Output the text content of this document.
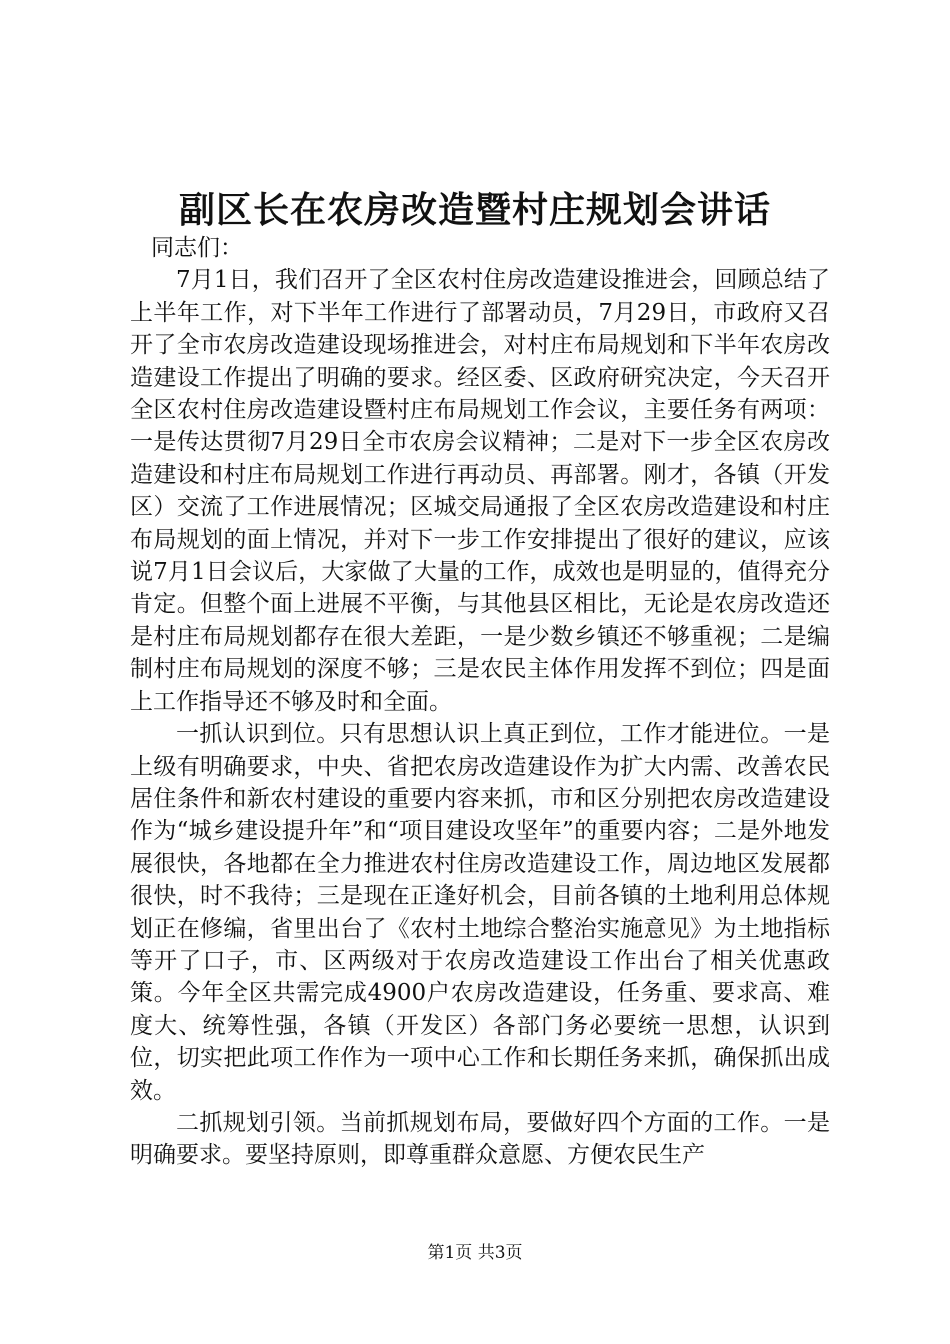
副区长在农房改造暨村庄规划会讲话

同志们：

7月1日，我们召开了全区农村住房改造建设推进会，回顾总结了上半年工作，对下半年工作进行了部署动员，7月29日，市政府又召开了全市农房改造建设现场推进会，对村庄布局规划和下半年农房改造建设工作提出了明确的要求。经区委、区政府研究决定，今天召开全区农村住房改造建设暨村庄布局规划工作会议，主要任务有两项：一是传达贯彻7月29日全市农房会议精神；二是对下一步全区农房改造建设和村庄布局规划工作进行再动员、再部署。刚才，各镇（开发区）交流了工作进展情况；区城交局通报了全区农房改造建设和村庄布局规划的面上情况，并对下一步工作安排提出了很好的建议，应该说7月1日会议后，大家做了大量的工作，成效也是明显的，值得充分肯定。但整个面上进展不平衡，与其他县区相比，无论是农房改造还是村庄布局规划都存在很大差距，一是少数乡镇还不够重视；二是编制村庄布局规划的深度不够；三是农民主体作用发挥不到位；四是面上工作指导还不够及时和全面。

一抓认识到位。只有思想认识上真正到位，工作才能进位。一是上级有明确要求，中央、省把农房改造建设作为扩大内需、改善农民居住条件和新农村建设的重要内容来抓，市和区分别把农房改造建设作为“城乡建设提升年”和“项目建设攻坚年”的重要内容；二是外地发展很快，各地都在全力推进农村住房改造建设工作，周边地区发展都很快，时不我待；三是现在正逢好机会，目前各镇的土地利用总体规划正在修编，省里出台了《农村土地综合整治实施意见》为土地指标等开了口子，市、区两级对于农房改造建设工作出台了相关优惠政策。今年全区共需完成4900户农房改造建设，任务重、要求高、难度大、统筹性强，各镇（开发区）各部门务必要统一思想，认识到位，切实把此项工作作为一项中心工作和长期任务来抓，确保抓出成效。

二抓规划引领。当前抓规划布局，要做好四个方面的工作。一是明确要求。要坚持原则，即尊重群众意愿、方便农民生产

第1页 共3页
